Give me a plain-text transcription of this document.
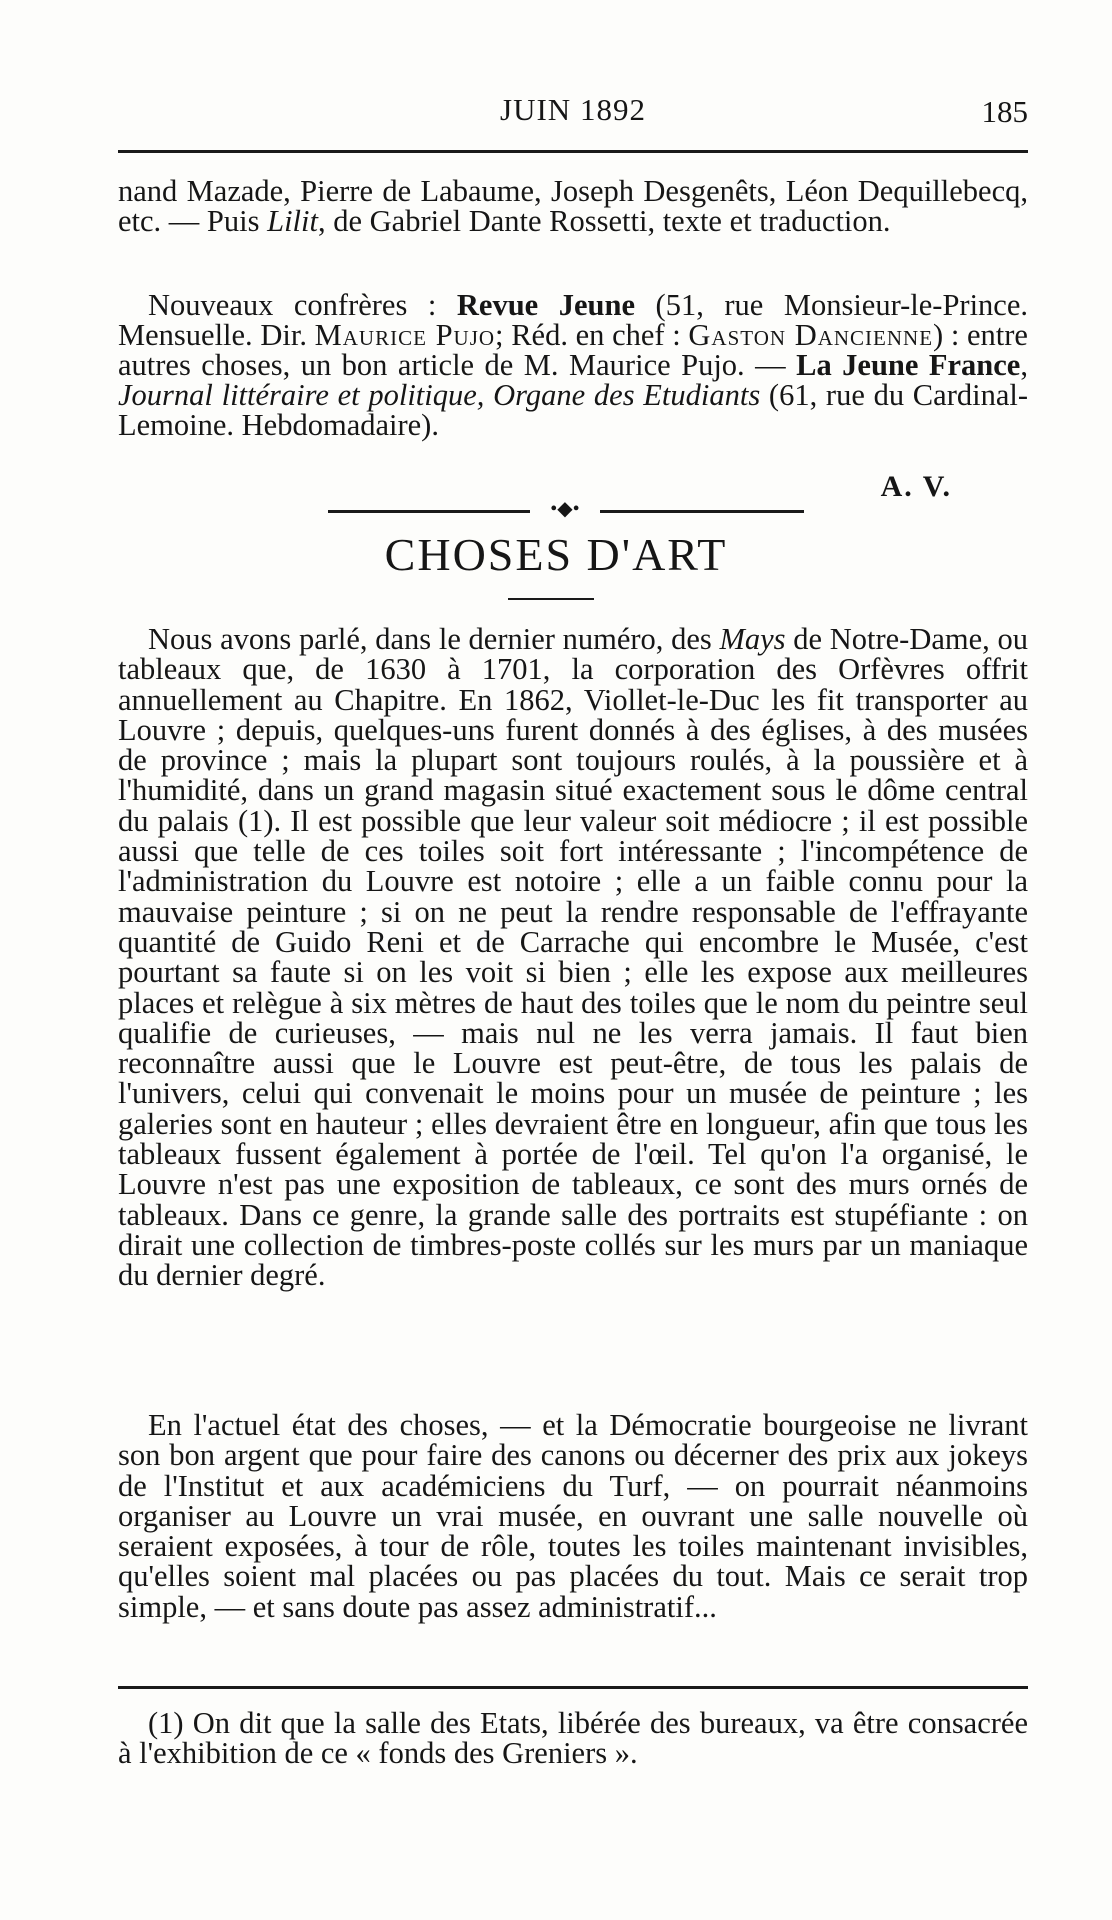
JUIN 1892	185

nand Mazade, Pierre de Labaume, Joseph Desgenêts, Léon Dequillebecq, etc. — Puis Lilit, de Gabriel Dante Rossetti, texte et traduction.

Nouveaux confrères : Revue Jeune (51, rue Monsieur-le-Prince. Mensuelle. Dir. Maurice Pujo; Réd. en chef : Gaston Dancienne) : entre autres choses, un bon article de M. Maurice Pujo. — La Jeune France, Journal littéraire et politique, Organe des Etudiants (61, rue du Cardinal-Lemoine. Hebdomadaire).

A. V.
•◆•
CHOSES D'ART

Nous avons parlé, dans le dernier numéro, des Mays de Notre-Dame, ou tableaux que, de 1630 à 1701, la corporation des Orfèvres offrit annuellement au Chapitre. En 1862, Viollet-le-Duc les fit transporter au Louvre ; depuis, quelques-uns furent donnés à des églises, à des musées de province ; mais la plupart sont toujours roulés, à la poussière et à l'humidité, dans un grand magasin situé exactement sous le dôme central du palais (1). Il est possible que leur valeur soit médiocre ; il est possible aussi que telle de ces toiles soit fort intéressante ; l'incompétence de l'administration du Louvre est notoire ; elle a un faible connu pour la mauvaise peinture ; si on ne peut la rendre responsable de l'effrayante quantité de Guido Reni et de Carrache qui encombre le Musée, c'est pourtant sa faute si on les voit si bien ; elle les expose aux meilleures places et relègue à six mètres de haut des toiles que le nom du peintre seul qualifie de curieuses, — mais nul ne les verra jamais. Il faut bien reconnaître aussi que le Louvre est peut-être, de tous les palais de l'univers, celui qui convenait le moins pour un musée de peinture ; les galeries sont en hauteur ; elles devraient être en longueur, afin que tous les tableaux fussent également à portée de l'œil. Tel qu'on l'a organisé, le Louvre n'est pas une exposition de tableaux, ce sont des murs ornés de tableaux. Dans ce genre, la grande salle des portraits est stupéfiante : on dirait une collection de timbres-poste collés sur les murs par un maniaque du dernier degré.

En l'actuel état des choses, — et la Démocratie bourgeoise ne livrant son bon argent que pour faire des canons ou décerner des prix aux jokeys de l'Institut et aux académiciens du Turf, — on pourrait néanmoins organiser au Louvre un vrai musée, en ouvrant une salle nouvelle où seraient exposées, à tour de rôle, toutes les toiles maintenant invisibles, qu'elles soient mal placées ou pas placées du tout. Mais ce serait trop simple, — et sans doute pas assez administratif...

(1) On dit que la salle des Etats, libérée des bureaux, va être consacrée à l'exhibition de ce « fonds des Greniers ».
